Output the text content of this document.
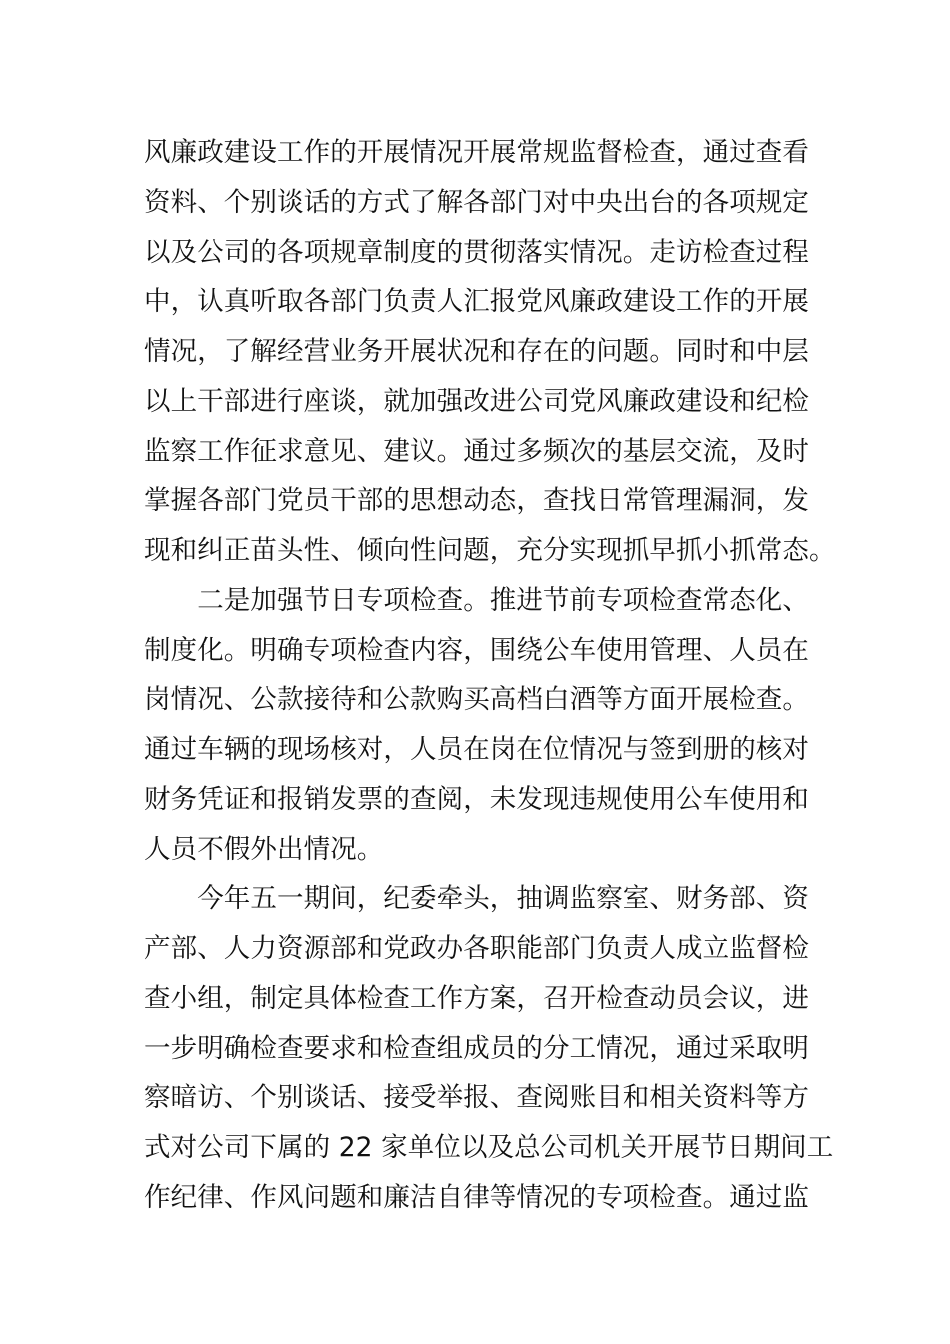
风廉政建设工作的开展情况开展常规监督检查，通过查看
资料、个别谈话的方式了解各部门对中央出台的各项规定
以及公司的各项规章制度的贯彻落实情况。走访检查过程
中，认真听取各部门负责人汇报党风廉政建设工作的开展
情况，了解经营业务开展状况和存在的问题。同时和中层
以上干部进行座谈，就加强改进公司党风廉政建设和纪检
监察工作征求意见、建议。通过多频次的基层交流，及时
掌握各部门党员干部的思想动态，查找日常管理漏洞，发
现和纠正苗头性、倾向性问题，充分实现抓早抓小抓常态。
　　二是加强节日专项检查。推进节前专项检查常态化、
制度化。明确专项检查内容，围绕公车使用管理、人员在
岗情况、公款接待和公款购买高档白酒等方面开展检查。
通过车辆的现场核对，人员在岗在位情况与签到册的核对
财务凭证和报销发票的查阅，未发现违规使用公车使用和
人员不假外出情况。
　　今年五一期间，纪委牵头，抽调监察室、财务部、资
产部、人力资源部和党政办各职能部门负责人成立监督检
查小组，制定具体检查工作方案，召开检查动员会议，进
一步明确检查要求和检查组成员的分工情况，通过采取明
察暗访、个别谈话、接受举报、查阅账目和相关资料等方
式对公司下属的 22 家单位以及总公司机关开展节日期间工
作纪律、作风问题和廉洁自律等情况的专项检查。通过监
